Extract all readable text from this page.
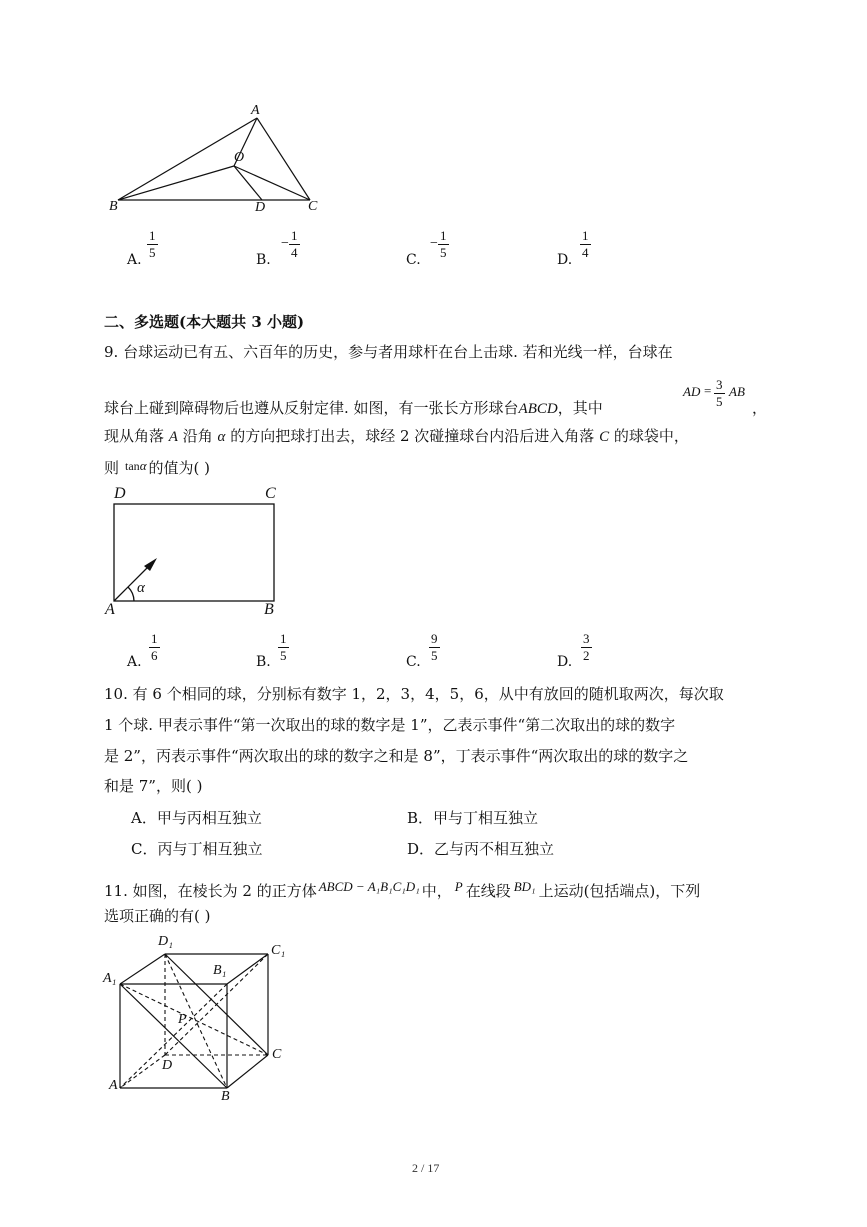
A
O
B	D	C
A.
1
5	B.
−
1
4	C.
−
1
5	D.
1
4
二、多选题(本大题共 3 小题)
9. 台球运动已有五、六百年的历史，参与者用球杆在台上击球. 若和光线一样，台球在
球台上碰到障碍物后也遵从反射定律. 如图，有一张长方形球台ABCD，其中
AD = 3
5
AB
，
现从角落 A 沿角 α 的方向把球打出去，球经 2 次碰撞球台内沿后进入角落 C 的球袋中，
则 $^{tan}$α 的值为( )
D	C
A	B
α
A.
1
6	B.
1
5	C.
9
5	D.
3
2
10. 有 6 个相同的球，分别标有数字 1，2，3，4，5，6，从中有放回的随机取两次，每次取
1 个球. 甲表示事件“第一次取出的球的数字是 1”，乙表示事件“第二次取出的球的数字
是 2”，丙表示事件“两次取出的球的数字之和是 8”，丁表示事件“两次取出的球的数字之
和是 7”，则( )
A．甲与丙相互独立	B．甲与丁相互独立
C．丙与丁相互独立	D．乙与丙不相互独立
11. 如图，在棱长为 2 的正方体 ABCD − A₁B₁C₁D₁ 中， P 在线段 BD₁ 上运动(包括端点)，下列
选项正确的有( )
D₁
C₁
A₁
B₁
P
D
C
A
B
2 / 17
